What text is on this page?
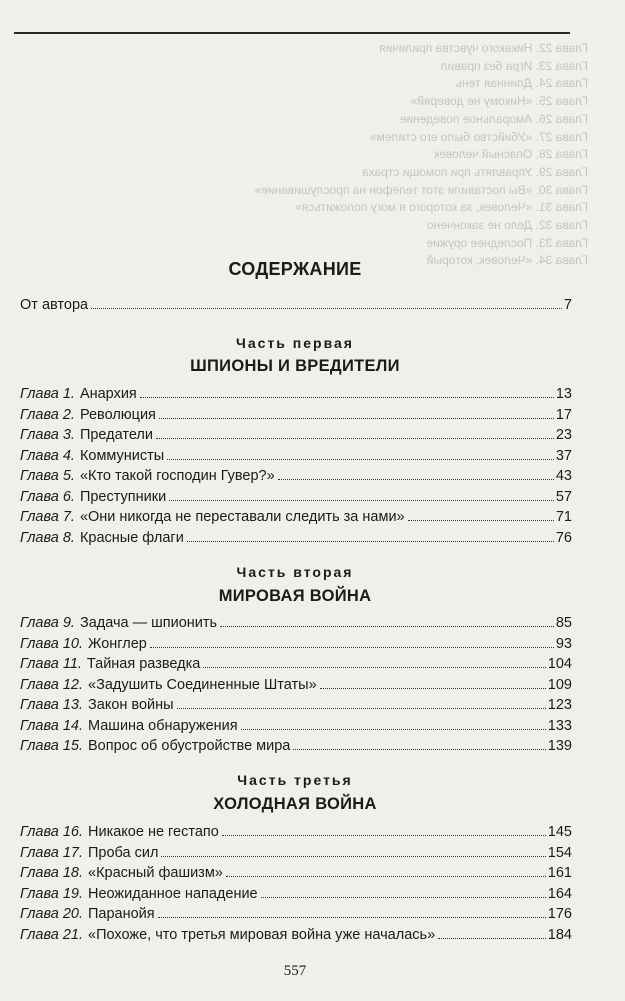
Глава 22. Никакого чувства приличия
Глава 23. Игра без правил
Глава 24. Длинная тень
Глава 25. «Никому не доверяй»
Глава 26. Аморальное поведение
Глава 27. «Убийство было его стилем»
Глава 28. Опасный человек
Глава 29. Управлять при помощи страха
Глава 30. «Вы поставили этот телефон на прослушивание»
Глава 31. «Человек, за которого я могу положиться»
Глава 32. Дело не закончено
Глава 33. Последнее оружие
Глава 34. «Человек, который
СОДЕРЖАНИЕ
От автора	7
Часть первая
ШПИОНЫ И ВРЕДИТЕЛИ
Глава 1. Анархия	13
Глава 2. Революция	17
Глава 3. Предатели	23
Глава 4. Коммунисты	37
Глава 5. «Кто такой господин Гувер?»	43
Глава 6. Преступники	57
Глава 7. «Они никогда не переставали следить за нами»	71
Глава 8. Красные флаги	76
Часть вторая
МИРОВАЯ ВОЙНА
Глава 9. Задача — шпионить	85
Глава 10. Жонглер	93
Глава 11. Тайная разведка	104
Глава 12. «Задушить Соединенные Штаты»	109
Глава 13. Закон войны	123
Глава 14. Машина обнаружения	133
Глава 15. Вопрос об обустройстве мира	139
Часть третья
ХОЛОДНАЯ ВОЙНА
Глава 16. Никакое не гестапо	145
Глава 17. Проба сил	154
Глава 18. «Красный фашизм»	161
Глава 19. Неожиданное нападение	164
Глава 20. Паранойя	176
Глава 21. «Похоже, что третья мировая война уже началась»	184
557
